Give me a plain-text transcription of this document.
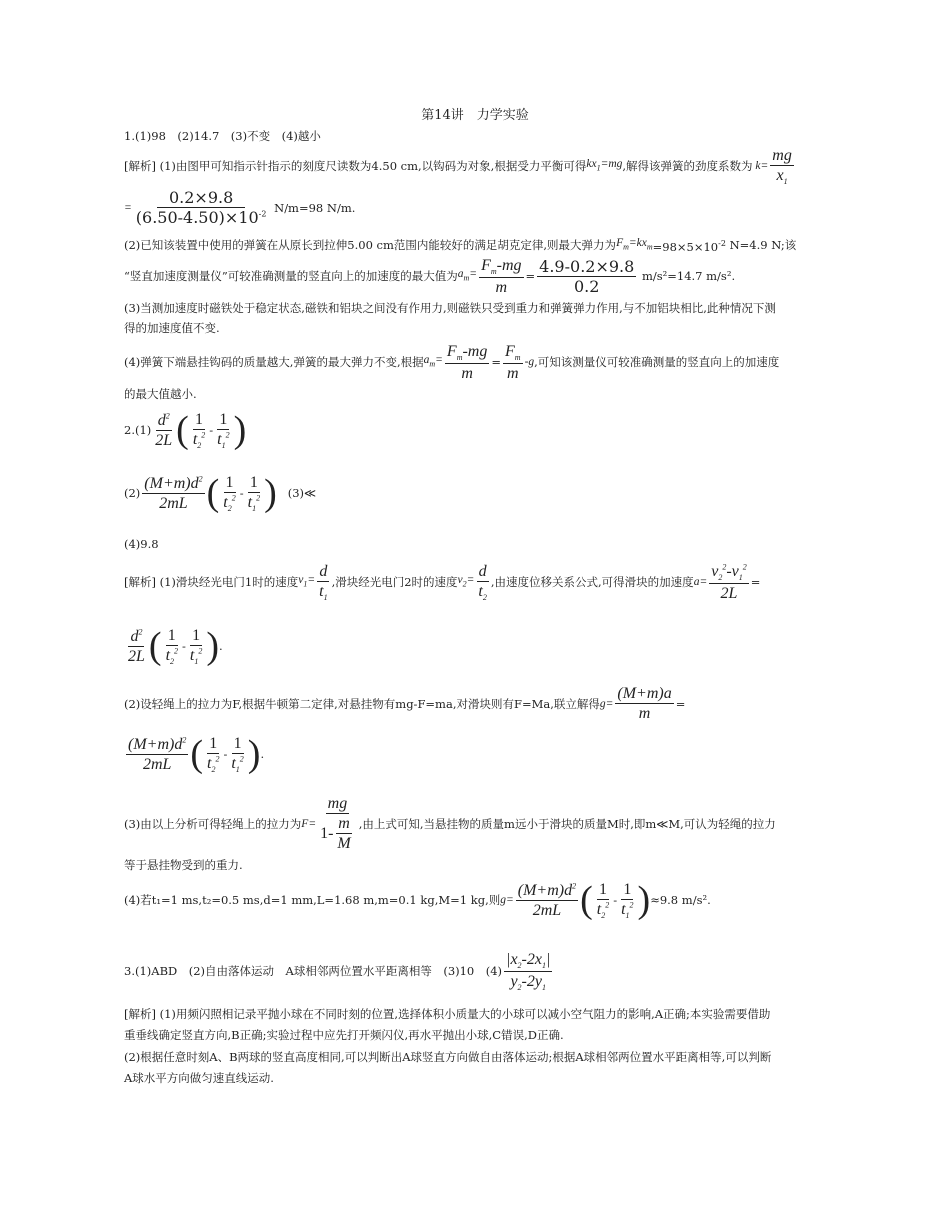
第14讲　力学实验
1.(1)98　(2)14.7　(3)不变　(4)越小
[解析] (1)由图甲可知指示针指示的刻度尺读数为4.50 cm,以钩码为对象,根据受力平衡可得 $kx_1=mg$ ,解得该弹簧的劲度系数为 $k= \frac{mg}{x_1}$
= $\frac{0.2\times 9.8}{(6.50-4.50)\times 10^{-2}}$
N/m=98 N/m.
(2)已知该装置中使用的弹簧在从原长到拉伸5.00 cm范围内能较好的满足胡克定律,则最大弹力为 $F_m=kx_m =98\times 5\times 10^{-2}$ N=4.9 N;该
“竖直加速度测量仪”可较准确测量的竖直向上的加速度的最大值为 $a_m= \frac{F_m-mg}{m} = \frac{4.9-0.2\times 9.8}{0.2}$
m/s²=14.7 m/s².
(3)当测加速度时磁铁处于稳定状态,磁铁和铝块之间没有作用力,则磁铁只受到重力和弹簧弹力作用,与不加铝块相比,此种情况下测
得的加速度值不变.
(4)弹簧下端悬挂钩码的质量越大,弹簧的最大弹力不变,根据 $a_m= \frac{F_m-mg}{m} = \frac{F_m}{m} -g$ ,可知该测量仪可较准确测量的竖直向上的加速度
的最大值越小.
$2.(1) \frac{d^2}{2L}$ ( $\frac{1}{t_2^2} - \frac{1}{t_1^2}$ )
$(2) \frac{(M+m)d^2}{2mL}$ ( $\frac{1}{t_2^2} - \frac{1}{t_1^2}$ )
(3)≪
(4)9.8
[解析] (1)滑块经光电门1时的速度 $v_1= \frac{d}{t_1}$ ,滑块经光电门2时的速度 $v_2= \frac{d}{t_2}$ ,由速度位移关系公式,可得滑块的加速度 $a= \frac{v_2^2-v_1^2}{2L}$ =
$\frac{d^2}{2L}$ ( $\frac{1}{t_2^2} - \frac{1}{t_1^2}$ ) .
(2)设轻绳上的拉力为F,根据牛顿第二定律,对悬挂物有mg-F=ma,对滑块则有F=Ma,联立解得 $g= \frac{(M+m)a}{m}$ =
$\frac{(M+m)d^2}{2mL}$ ( $\frac{1}{t_2^2} - \frac{1}{t_1^2}$ ) .
(3)由以上分析可得轻绳上的拉力为 $F= \frac{mg}{1- \frac{m}{M}}$ ,由上式可知,当悬挂物的质量m远小于滑块的质量M时,即m≪M,可认为轻绳的拉力
等于悬挂物受到的重力.
(4)若t₁=1 ms,t₂=0.5 ms,d=1 mm,L=1.68 m,m=0.1 kg,M=1 kg,则 $g= \frac{(M+m)d^2}{2mL}$ ( $\frac{1}{t_2^2} - \frac{1}{t_1^2}$ ) ≈9.8 m/s².
3.(1)ABD　(2)自由落体运动　A球相邻两位置水平距离相等　(3)10　$(4) \frac{|x_2-2x_1|}{y_2-2y_1}$
[解析] (1)用频闪照相记录平抛小球在不同时刻的位置,选择体积小质量大的小球可以减小空气阻力的影响,A正确;本实验需要借助
重垂线确定竖直方向,B正确;实验过程中应先打开频闪仪,再水平抛出小球,C错误,D正确.
(2)根据任意时刻A、B两球的竖直高度相同,可以判断出A球竖直方向做自由落体运动;根据A球相邻两位置水平距离相等,可以判断
A球水平方向做匀速直线运动.
